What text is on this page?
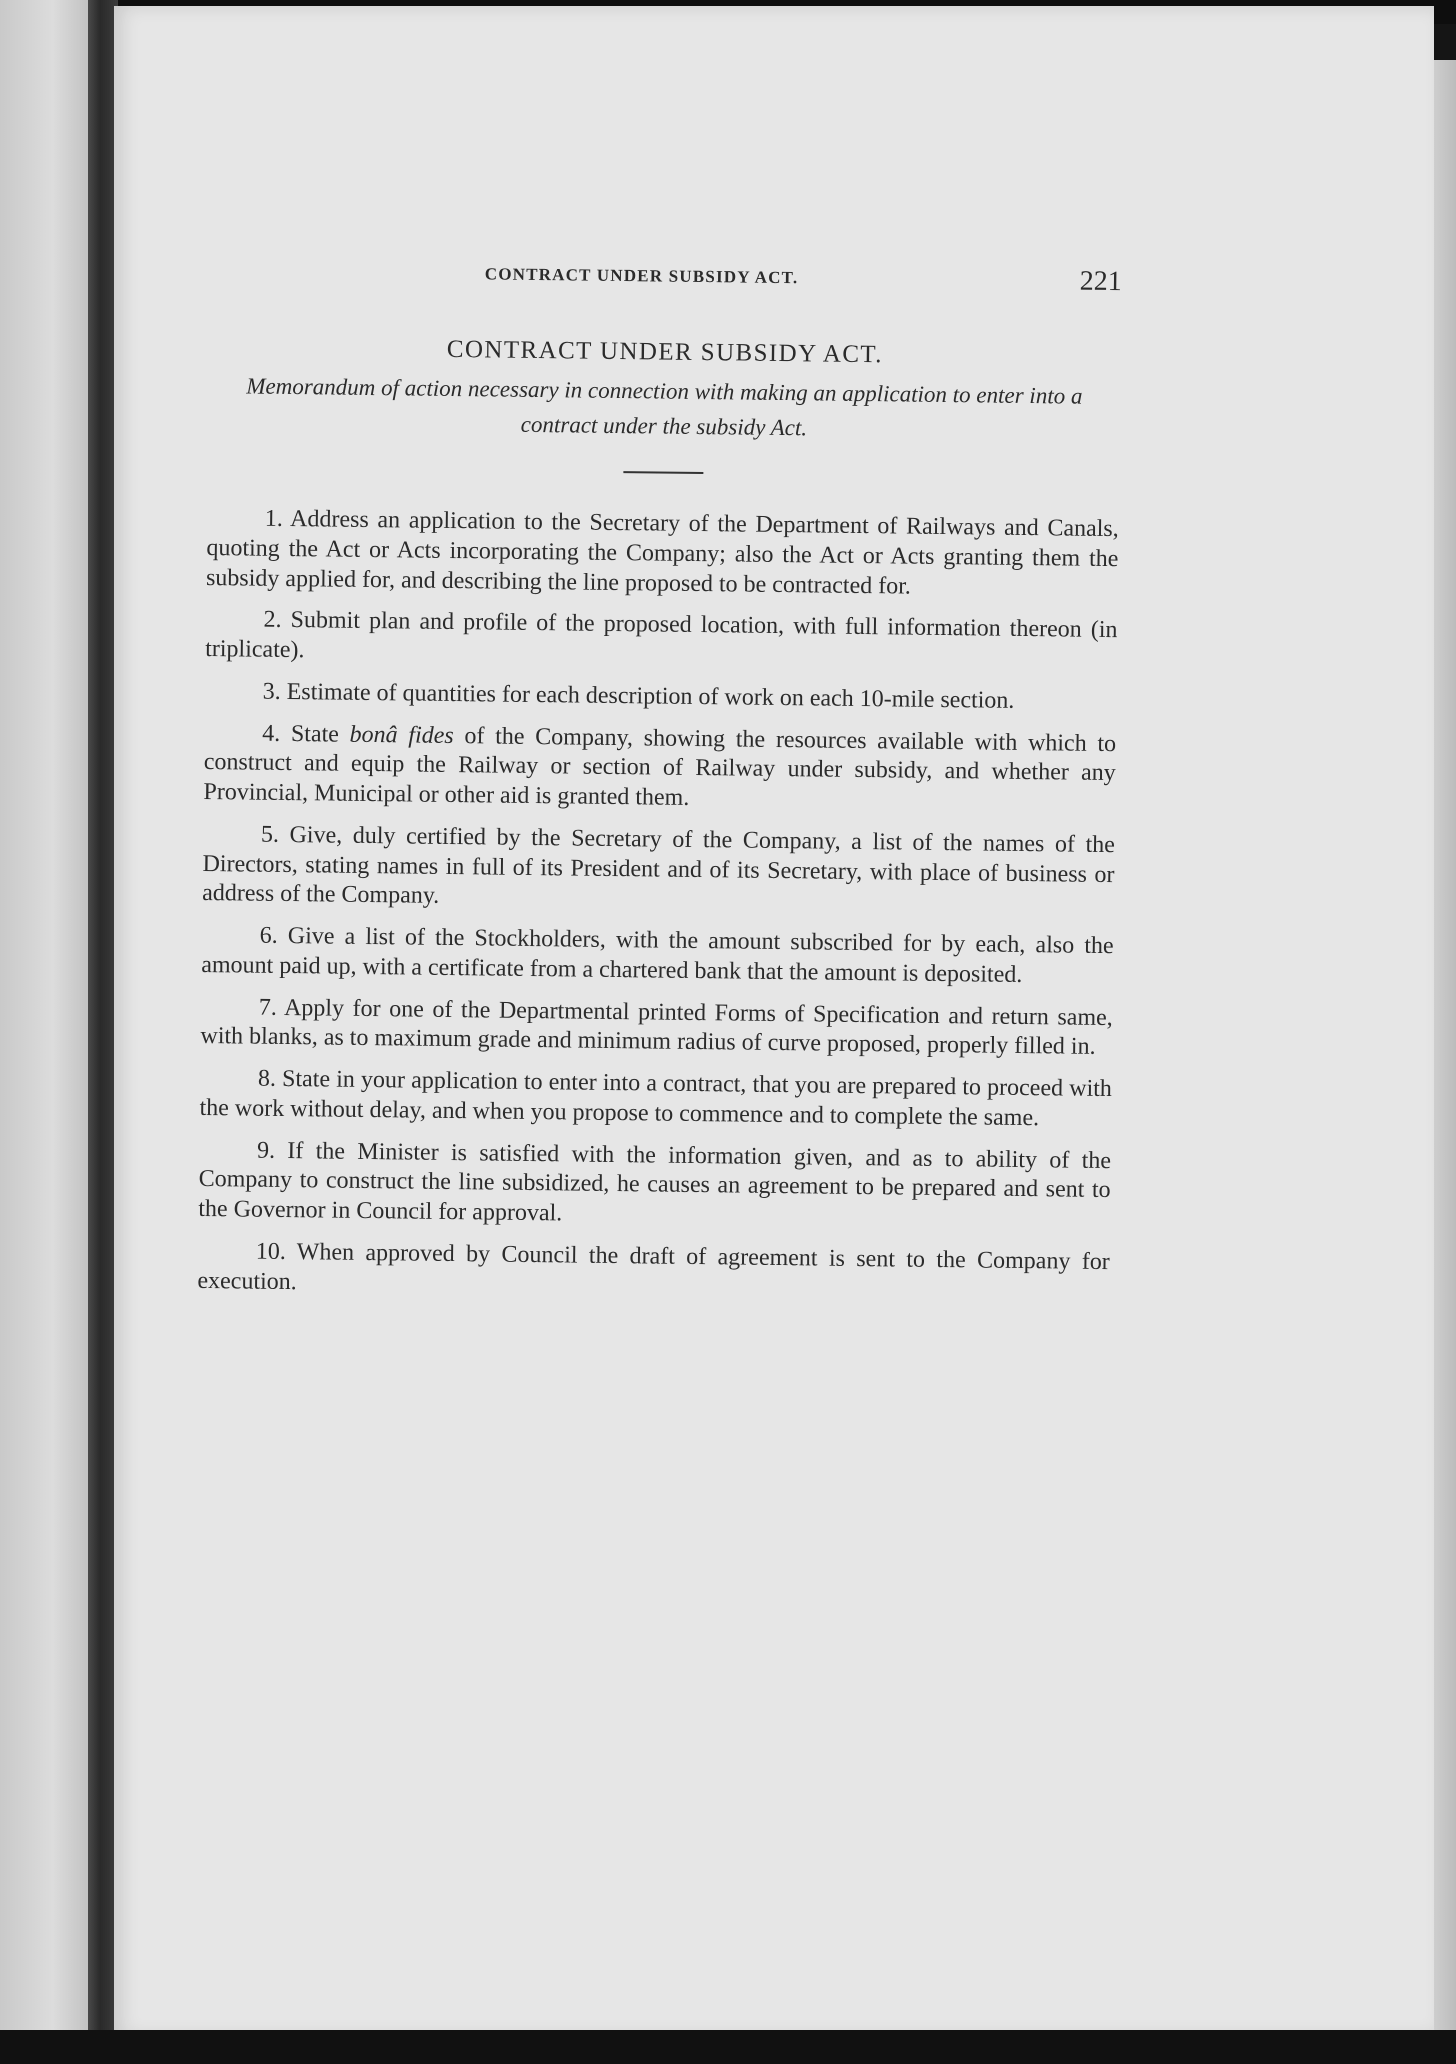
CONTRACT UNDER SUBSIDY ACT.	221
CONTRACT UNDER SUBSIDY ACT.
Memorandum of action necessary in connection with making an application to enter into a contract under the subsidy Act.

1. Address an application to the Secretary of the Department of Railways and Canals, quoting the Act or Acts incorporating the Company; also the Act or Acts granting them the subsidy applied for, and describing the line proposed to be contracted for.

2. Submit plan and profile of the proposed location, with full information thereon (in triplicate).

3. Estimate of quantities for each description of work on each 10-mile section.

4. State bonâ fides of the Company, showing the resources available with which to construct and equip the Railway or section of Railway under subsidy, and whether any Provincial, Municipal or other aid is granted them.

5. Give, duly certified by the Secretary of the Company, a list of the names of the Directors, stating names in full of its President and of its Secretary, with place of business or address of the Company.

6. Give a list of the Stockholders, with the amount subscribed for by each, also the amount paid up, with a certificate from a chartered bank that the amount is deposited.

7. Apply for one of the Departmental printed Forms of Specification and return same, with blanks, as to maximum grade and minimum radius of curve proposed, properly filled in.

8. State in your application to enter into a contract, that you are prepared to proceed with the work without delay, and when you propose to commence and to complete the same.

9. If the Minister is satisfied with the information given, and as to ability of the Company to construct the line subsidized, he causes an agreement to be prepared and sent to the Governor in Council for approval.

10. When approved by Council the draft of agreement is sent to the Company for execution.
